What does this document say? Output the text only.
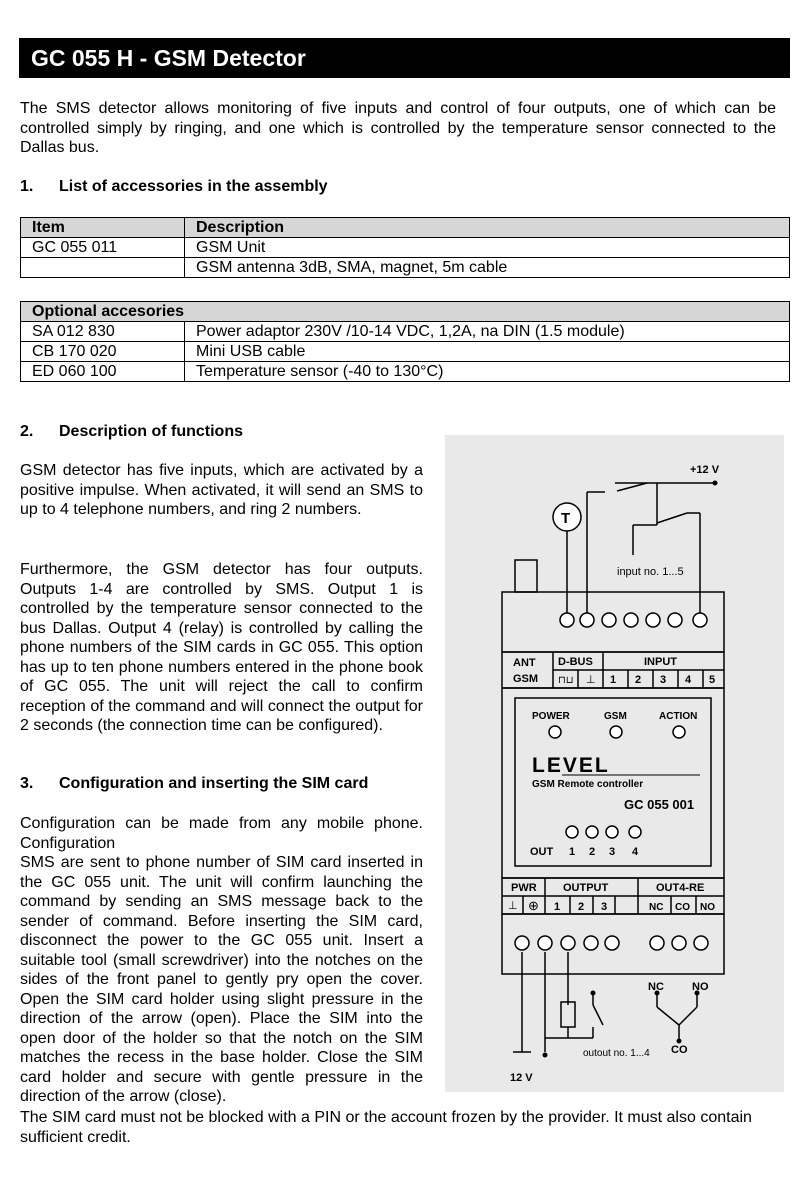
GC 055 H - GSM Detector
The SMS detector allows monitoring of five inputs and control of four outputs, one of which can be controlled simply by ringing, and one which is controlled by the temperature sensor connected to the Dallas bus.
1. List of accessories in the assembly
Item	Description
GC 055 011	GSM Unit
	GSM antenna 3dB, SMA, magnet, 5m cable
Optional accesories	
SA 012 830	Power adaptor 230V /10-14 VDC, 1,2A, na DIN (1.5 module)
CB 170 020	Mini USB cable
ED 060 100	Temperature sensor (-40 to 130°C)
2. Description of functions
GSM detector has five inputs, which are activated by a positive impulse. When activated, it will send an SMS to up to 4 telephone numbers, and ring 2 numbers.
Furthermore, the GSM detector has four outputs. Outputs 1-4 are controlled by SMS. Output 1 is controlled by the temperature sensor connected to the bus Dallas. Output 4 (relay) is controlled by calling the phone numbers of the SIM cards in GC 055. This option has up to ten phone numbers entered in the phone book of GC 055. The unit will reject the call to confirm reception of the command and will connect the output for 2 seconds (the connection time can be configured).
3. Configuration and inserting the SIM card
Configuration can be made from any mobile phone. Configuration
SMS are sent to phone number of SIM card inserted in the GC 055 unit. The unit will confirm launching the command by sending an SMS message back to the sender of command. Before inserting the SIM card, disconnect the power to the GC 055 unit. Insert a suitable tool (small screwdriver) into the notches on the sides of the front panel to gently pry open the cover. Open the SIM card holder using slight pressure in the direction of the arrow (open). Place the SIM into the open door of the holder so that the notch on the SIM matches the recess in the base holder. Close the SIM card holder and secure with gentle pressure in the direction of the arrow (close).
The SIM card must not be blocked with a PIN or the account frozen by the provider. It must also contain sufficient credit.
+12 V
T
input no. 1...5
ANT
GSM
D-BUS	INPUT
⊓⊔ ⊥ 1 2 3 4 5
POWER	GSM	ACTION
LEVEL
GSM Remote controller
GC 055 001
OUT 1 2 3 4
PWR OUTPUT	OUT4-RE
⊥ ⊕ 1 2 3	NC CO NO
NC	NO
CO
outout no. 1...4
12 V
